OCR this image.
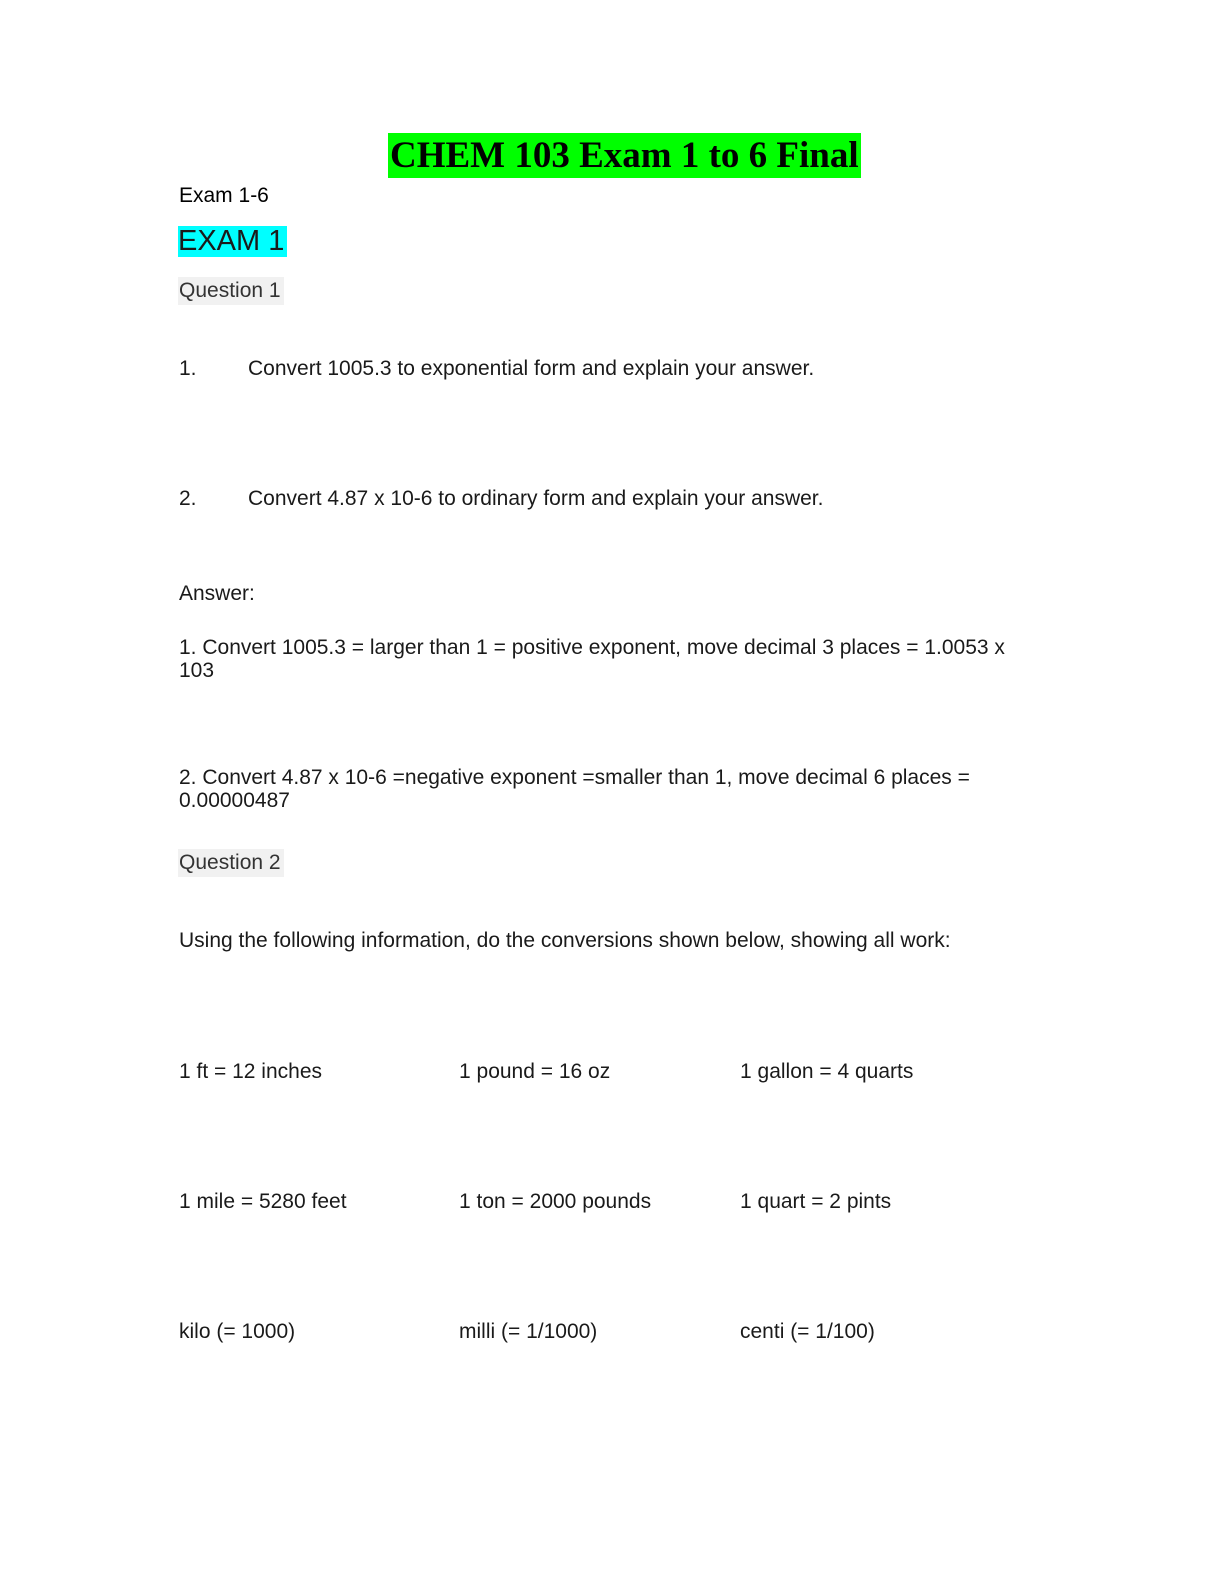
CHEM 103 Exam 1 to 6 Final
Exam 1-6
EXAM 1
Question 1
1. Convert 1005.3 to exponential form and explain your answer.
2. Convert 4.87 x 10-6 to ordinary form and explain your answer.
Answer:
1. Convert 1005.3 = larger than 1 = positive exponent, move decimal 3 places = 1.0053 x 103
2. Convert 4.87 x 10-6 =negative exponent =smaller than 1, move decimal 6 places = 0.00000487
Question 2
Using the following information, do the conversions shown below, showing all work:
1 ft = 12 inches	1 pound = 16 oz	1 gallon = 4 quarts
1 mile = 5280 feet	1 ton = 2000 pounds	1 quart = 2 pints
kilo (= 1000)	milli (= 1/1000)	centi (= 1/100)
